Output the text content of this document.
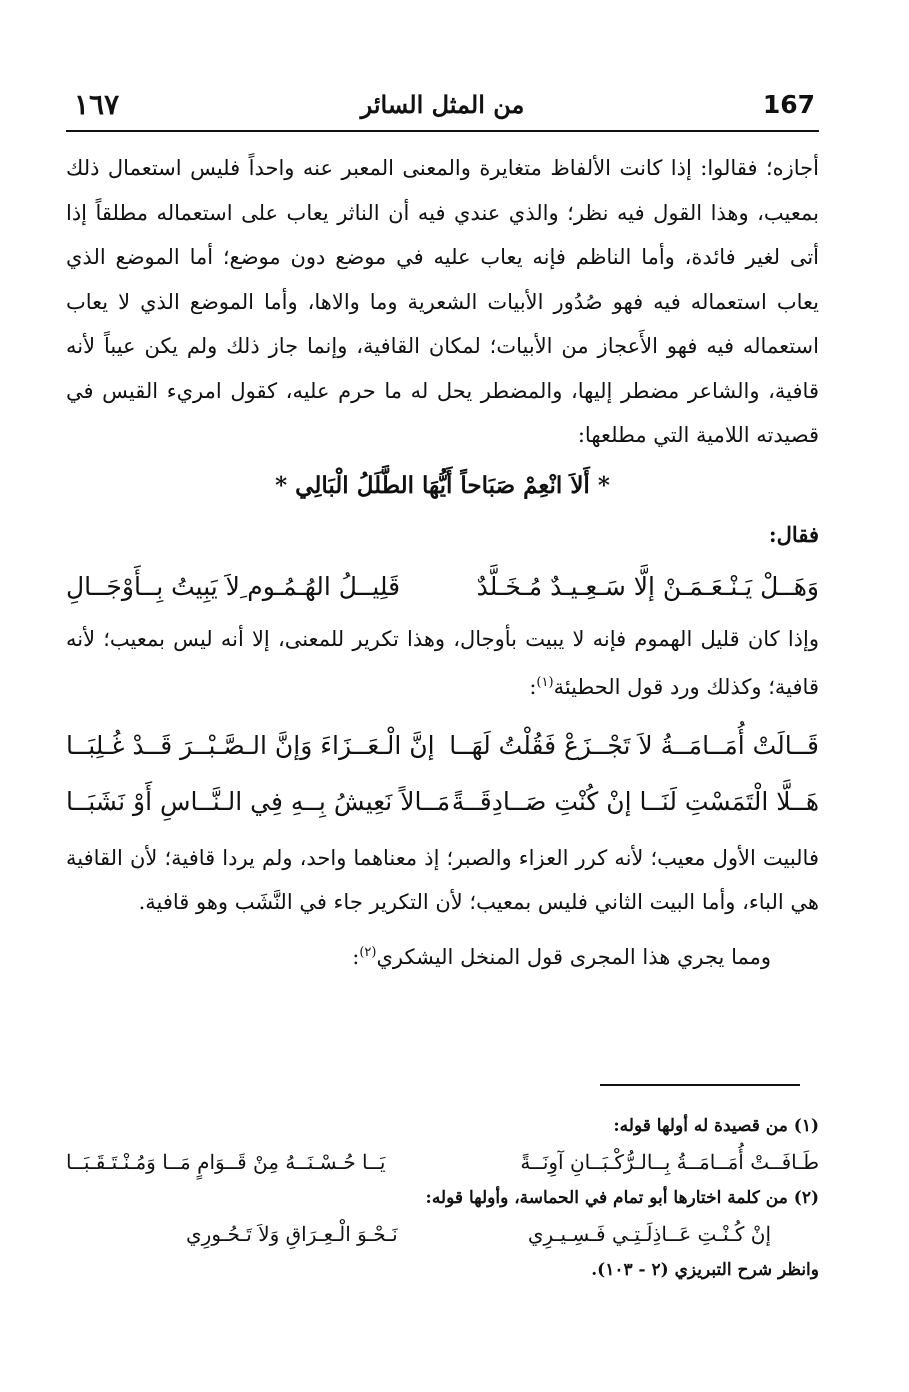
١٦٧	من المثل السائر	167

أجازه؛ فقالوا: إذا كانت الألفاظ متغايرة والمعنى المعبر عنه واحداً فليس استعمال ذلك بمعيب، وهذا القول فيه نظر؛ والذي عندي فيه أن الناثر يعاب على استعماله مطلقاً إذا أتى لغير فائدة، وأما الناظم فإنه يعاب عليه في موضع دون موضع؛ أما الموضع الذي يعاب استعماله فيه فهو صُدُور الأبيات الشعرية وما والاها، وأما الموضع الذي لا يعاب استعماله فيه فهو الأَعجاز من الأبيات؛ لمكان القافية، وإنما جاز ذلك ولم يكن عيباً لأنه قافية، والشاعر مضطر إليها، والمضطر يحل له ما حرم عليه، كقول امريء القيس في قصيدته اللامية التي مطلعها:

* أَلاَ انْعِمْ صَبَاحاً أَيُّهَا الطَّلَلُ الْبَالِي *

فقال:

وَهَــلْ يَـنْـعَـمَـنْ إلَّا سَـعِـيـدٌ مُـخَـلَّدٌ
قَلِيــلُ الهُـمُـوم ِلاَ يَبِيتُ بِــأَوْجَــالِ

وإذا كان قليل الهموم فإنه لا يبيت بأوجال، وهذا تكرير للمعنى، إلا أنه ليس بمعيب؛ لأنه قافية؛ وكذلك ورد قول الحطيئة$^{(١)}$:

قَــالَتْ أُمَــامَــةُ لاَ تَجْــزَعْ فَقُلْتُ لَهَــا
إنَّ الْـعَــزَاءَ وَإنَّ الـصَّـبْــرَ قَــدْ غُـلِبَــا
هَــلَّا الْتَمَسْتِ لَنَــا إنْ كُنْتِ صَــادِقَــةً
مَــالاً نَعِيشُ بِــهِ فِي الـنَّــاسِ أَوْ نَشَبَــا

فالبيت الأول معيب؛ لأنه كرر العزاء والصبر؛ إذ معناهما واحد، ولم يردا قافية؛ لأن القافية هي الباء، وأما البيت الثاني فليس بمعيب؛ لأن التكرير جاء في النَّشَب وهو قافية.

ومما يجري هذا المجرى قول المنخل اليشكري$^{(٢)}$:

(١) من قصيدة له أولها قوله:

طَـافَــتْ أُمَــامَــةُ بِــالـرُّكْـبَــانِ آوِنَــةً
يَــا حُـسْـنَــهُ مِنْ قَــوَامٍ مَــا وَمُـنْـتَـقَـبَــا

(٢) من كلمة اختارها أبو تمام في الحماسة، وأولها قوله:

إنْ كُـنْـتِ عَــاذِلَـتِـي فَـسِـيـرِي
نَـحْـوَ الْـعِـرَاقِ وَلاَ تَـحُـورِي

وانظر شرح التبريزي (٢ - ١٠٣).
